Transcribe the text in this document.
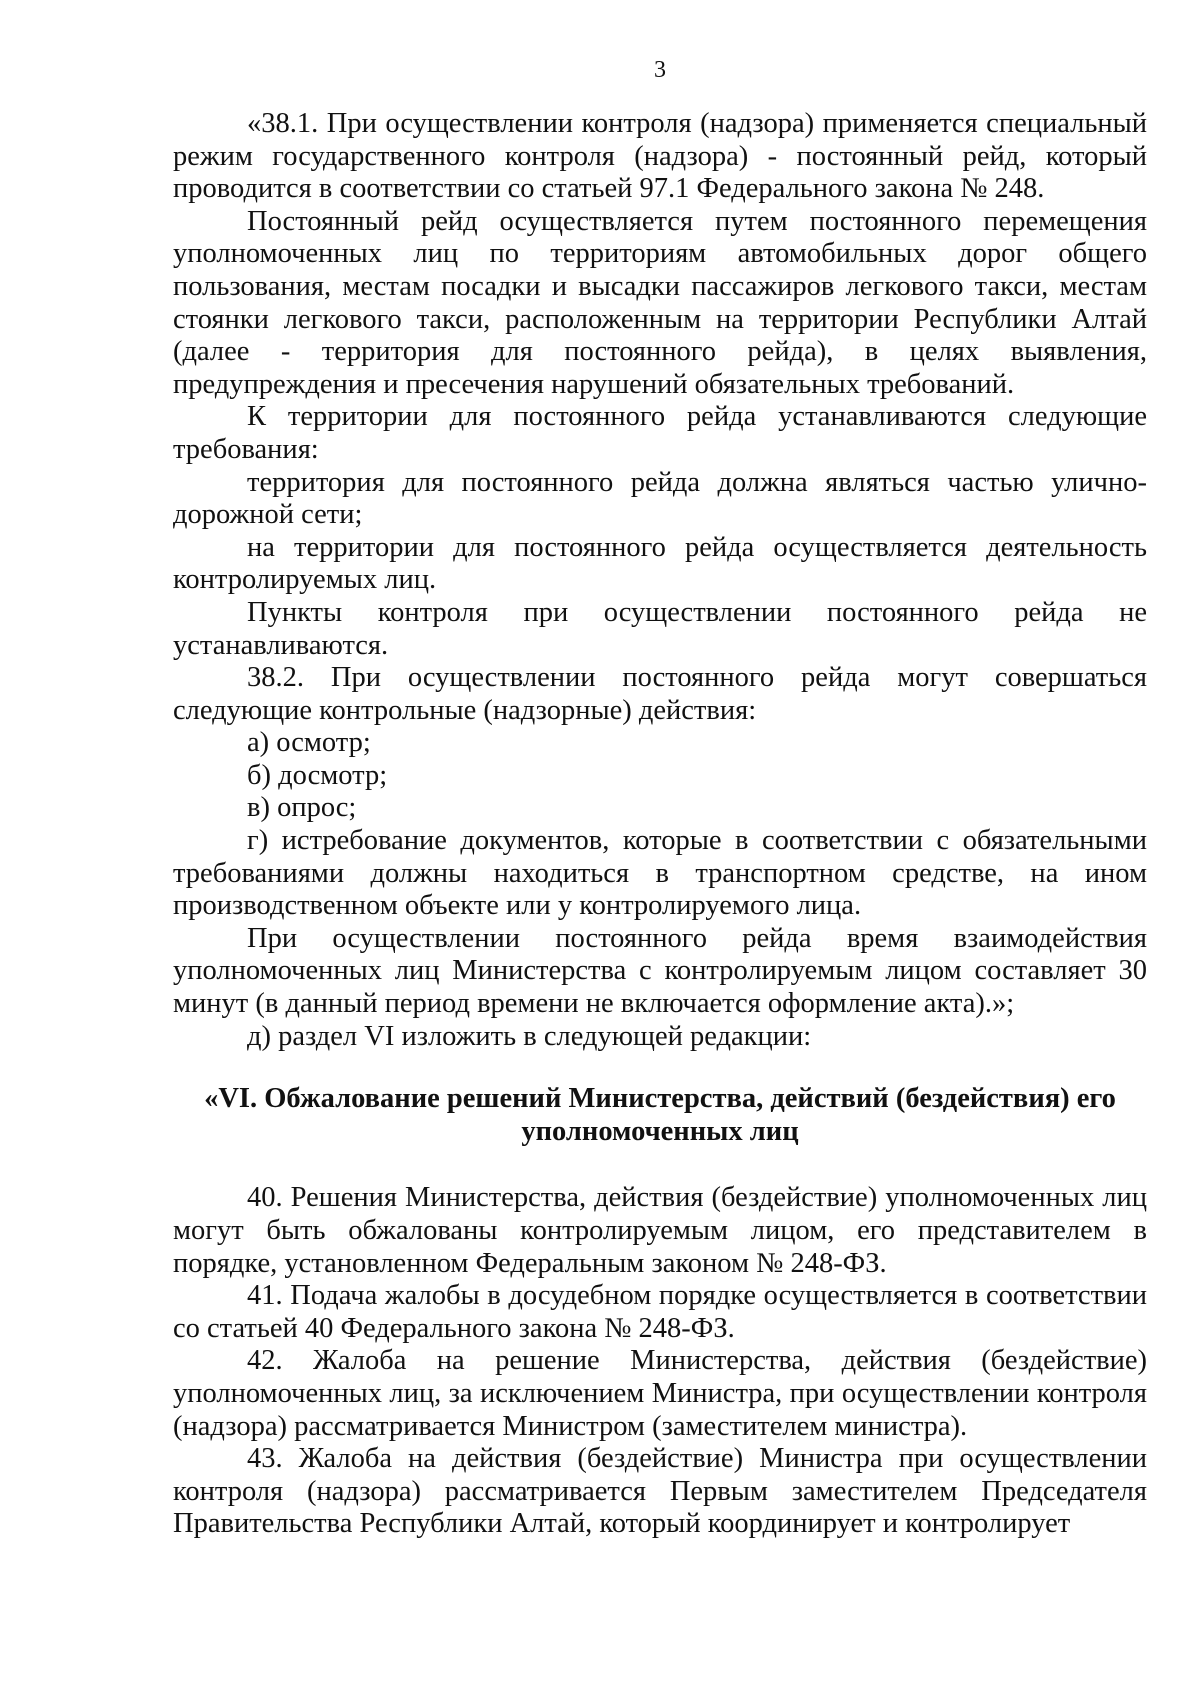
3

«38.1. При осуществлении контроля (надзора) применяется специальный режим государственного контроля (надзора) - постоянный рейд, который проводится в соответствии со статьей 97.1 Федерального закона № 248.

Постоянный рейд осуществляется путем постоянного перемещения уполномоченных лиц по территориям автомобильных дорог общего пользования, местам посадки и высадки пассажиров легкового такси, местам стоянки легкового такси, расположенным на территории Республики Алтай (далее - территория для постоянного рейда), в целях выявления, предупреждения и пресечения нарушений обязательных требований.

К территории для постоянного рейда устанавливаются следующие требования:

территория для постоянного рейда должна являться частью улично-дорожной сети;

на территории для постоянного рейда осуществляется деятельность контролируемых лиц.

Пункты контроля при осуществлении постоянного рейда не устанавливаются.

38.2. При осуществлении постоянного рейда могут совершаться следующие контрольные (надзорные) действия:

а) осмотр;

б) досмотр;

в) опрос;

г) истребование документов, которые в соответствии с обязательными требованиями должны находиться в транспортном средстве, на ином производственном объекте или у контролируемого лица.

При осуществлении постоянного рейда время взаимодействия уполномоченных лиц Министерства с контролируемым лицом составляет 30 минут (в данный период времени не включается оформление акта).»;

д) раздел VI изложить в следующей редакции:

«VI. Обжалование решений Министерства, действий (бездействия) его уполномоченных лиц

40. Решения Министерства, действия (бездействие) уполномоченных лиц могут быть обжалованы контролируемым лицом, его представителем в порядке, установленном Федеральным законом № 248-ФЗ.

41. Подача жалобы в досудебном порядке осуществляется в соответствии со статьей 40 Федерального закона № 248-ФЗ.

42. Жалоба на решение Министерства, действия (бездействие) уполномоченных лиц, за исключением Министра, при осуществлении контроля (надзора) рассматривается Министром (заместителем министра).

43. Жалоба на действия (бездействие) Министра при осуществлении контроля (надзора) рассматривается Первым заместителем Председателя Правительства Республики Алтай, который координирует и контролирует
